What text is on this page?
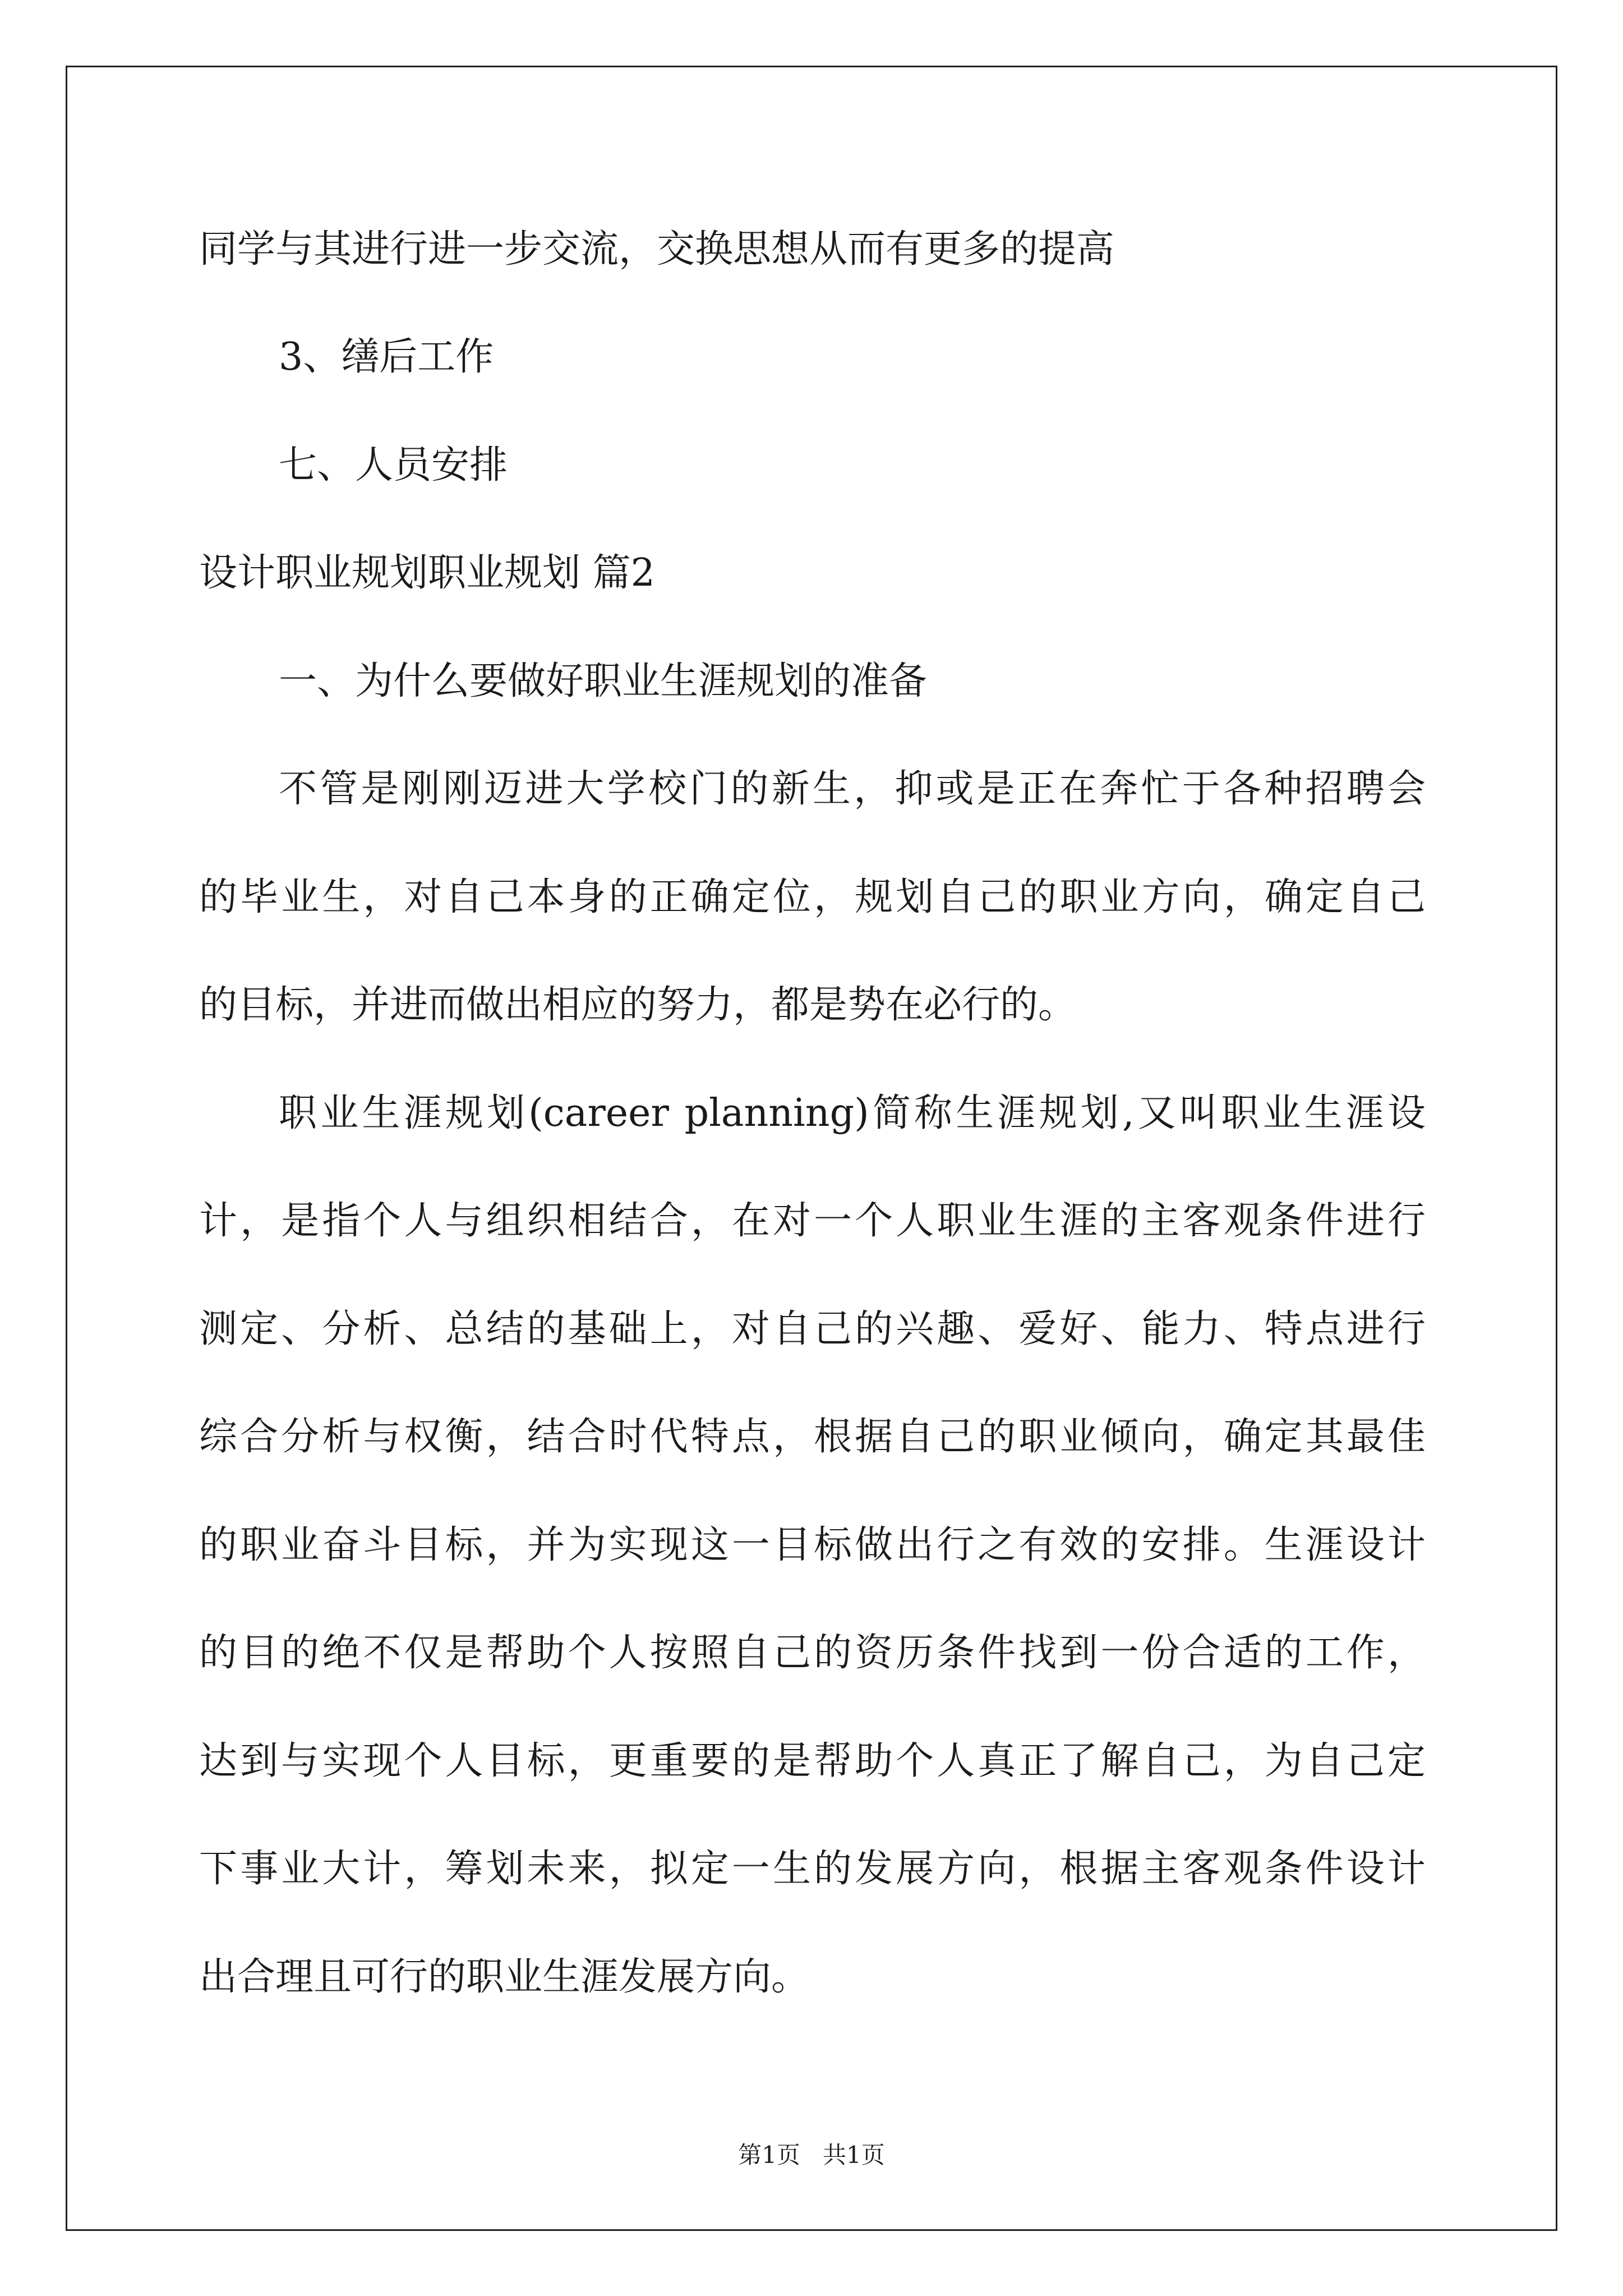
同学与其进行进一步交流，交换思想从而有更多的提高

3、缮后工作

七、人员安排

设计职业规划职业规划 篇2

一、为什么要做好职业生涯规划的准备

不管是刚刚迈进大学校门的新生，抑或是正在奔忙于各种招聘会

的毕业生，对自己本身的正确定位，规划自己的职业方向，确定自己

的目标，并进而做出相应的努力，都是势在必行的。

职业生涯规划(career planning)简称生涯规划,又叫职业生涯设

计，是指个人与组织相结合，在对一个人职业生涯的主客观条件进行

测定、分析、总结的基础上，对自己的兴趣、爱好、能力、特点进行

综合分析与权衡，结合时代特点，根据自己的职业倾向，确定其最佳

的职业奋斗目标，并为实现这一目标做出行之有效的安排。生涯设计

的目的绝不仅是帮助个人按照自己的资历条件找到一份合适的工作，

达到与实现个人目标，更重要的是帮助个人真正了解自己，为自己定

下事业大计，筹划未来，拟定一生的发展方向，根据主客观条件设计

出合理且可行的职业生涯发展方向。

第1页   共1页
